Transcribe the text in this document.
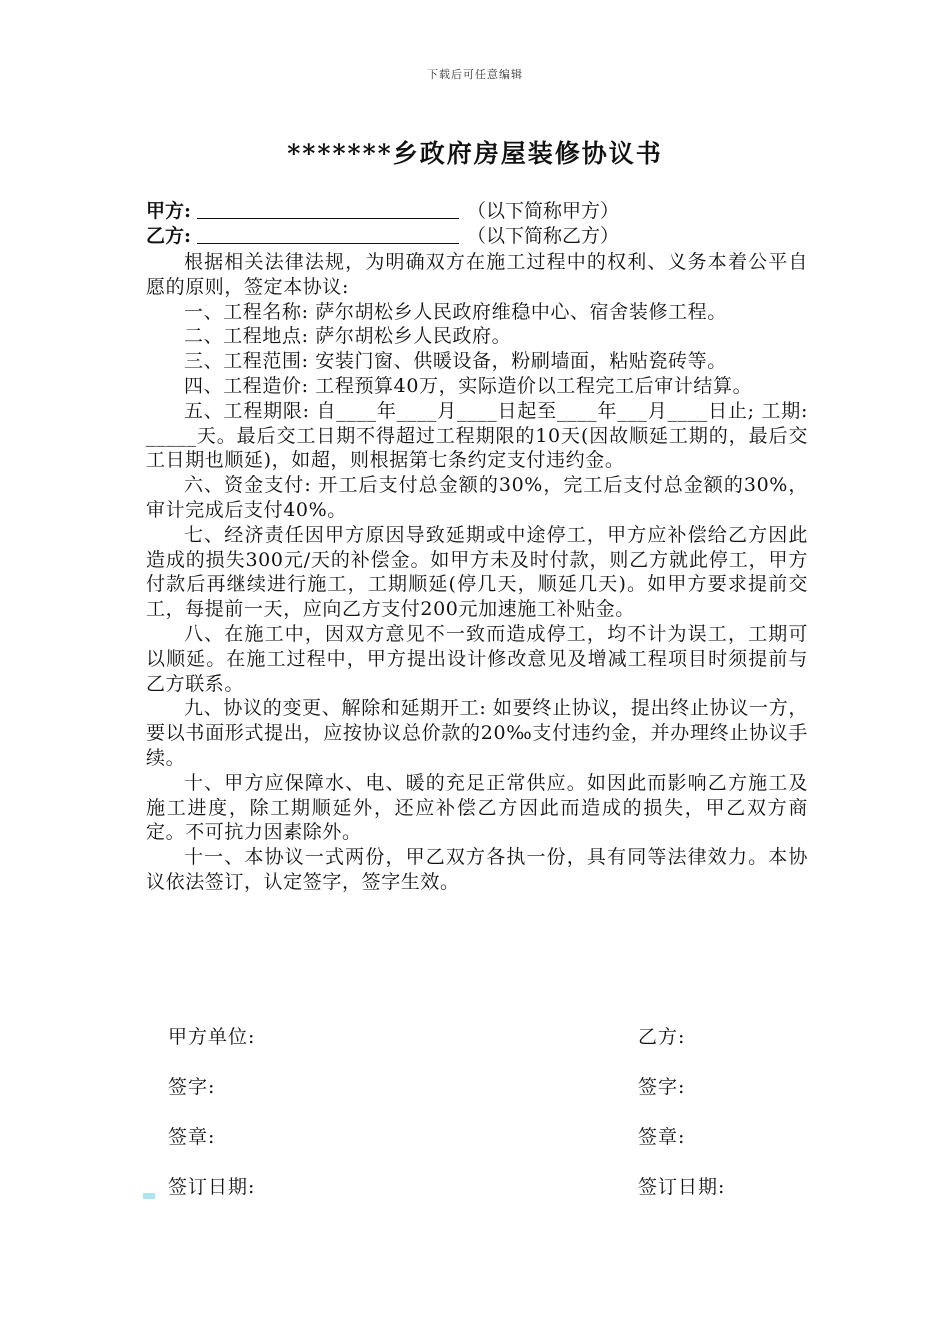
下载后可任意编辑
*******乡政府房屋装修协议书
甲方:	（以下简称甲方）
乙方:	（以下简称乙方）

根据相关法律法规，为明确双方在施工过程中的权利、义务本着公平自愿的原则，签定本协议:

一、工程名称: 萨尔胡松乡人民政府维稳中心、宿舍装修工程。

二、工程地点: 萨尔胡松乡人民政府。

三、工程范围: 安装门窗、供暖设备，粉刷墙面，粘贴瓷砖等。

四、工程造价: 工程预算40万，实际造价以工程完工后审计结算。

五、工程期限: 自____年____月____日起至____年___月____日止; 工期: _____天。最后交工日期不得超过工程期限的10天(因故顺延工期的，最后交工日期也顺延)，如超，则根据第七条约定支付违约金。

六、资金支付: 开工后支付总金额的30%，完工后支付总金额的30%，审计完成后支付40%。

七、经济责任因甲方原因导致延期或中途停工，甲方应补偿给乙方因此造成的损失300元/天的补偿金。如甲方未及时付款，则乙方就此停工，甲方付款后再继续进行施工，工期顺延(停几天，顺延几天)。如甲方要求提前交工，每提前一天，应向乙方支付200元加速施工补贴金。

八、在施工中，因双方意见不一致而造成停工，均不计为误工，工期可以顺延。在施工过程中，甲方提出设计修改意见及增减工程项目时须提前与乙方联系。

九、协议的变更、解除和延期开工: 如要终止协议，提出终止协议一方，要以书面形式提出，应按协议总价款的20‰支付违约金，并办理终止协议手续。

十、甲方应保障水、电、暖的充足正常供应。如因此而影响乙方施工及施工进度，除工期顺延外，还应补偿乙方因此而造成的损失，甲乙双方商定。不可抗力因素除外。

十一、本协议一式两份，甲乙双方各执一份，具有同等法律效力。本协议依法签订，认定签字，签字生效。

甲方单位:
签字:
签章:
签订日期:
乙方:
签字:
签章:
签订日期:
